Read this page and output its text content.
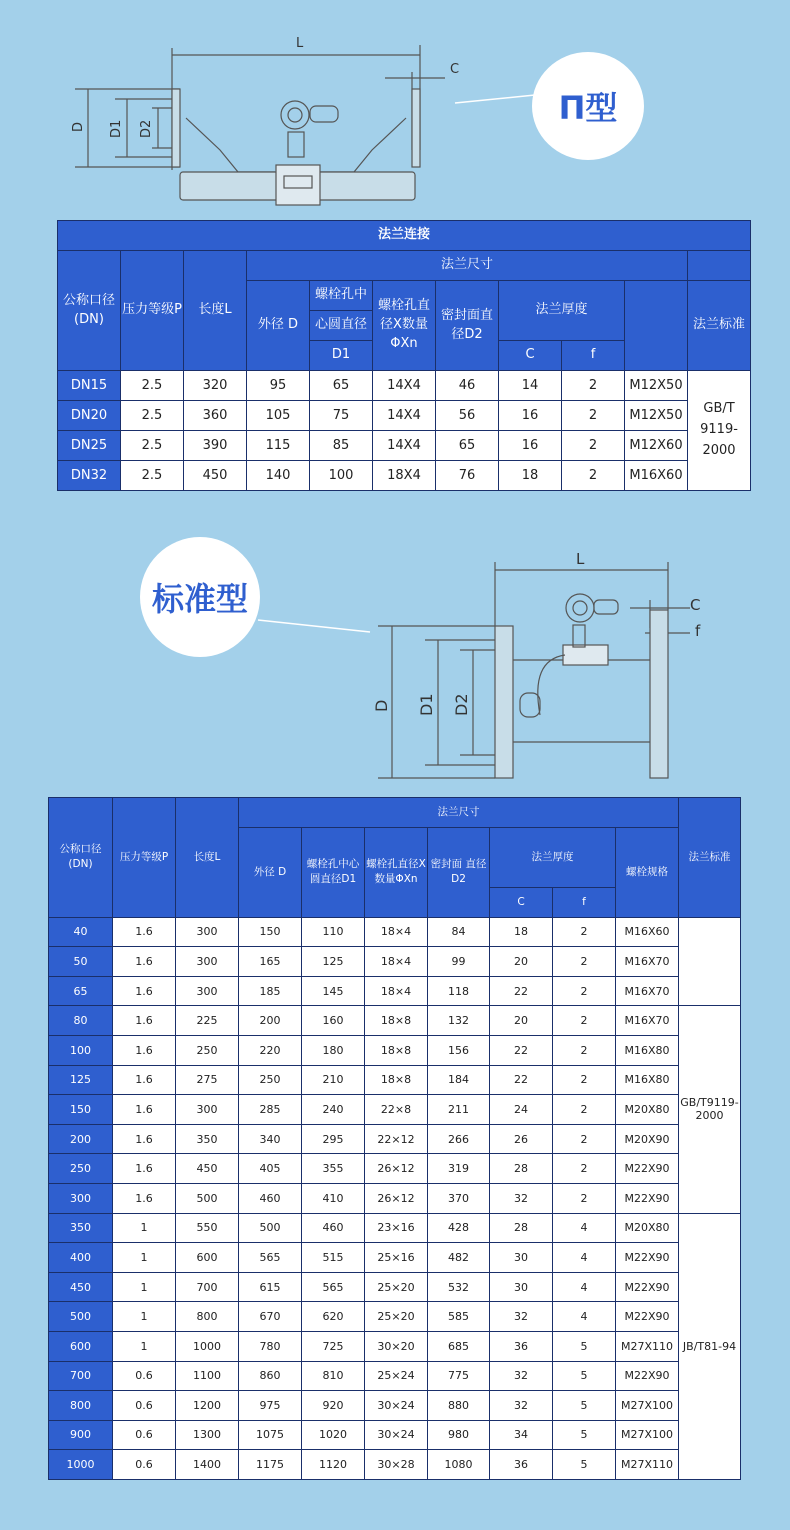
L
C
D D1 D2
Π型
法兰连接										
公称口径(DN)	压力等级P	长度L	法兰尺寸							
			外径 D	螺栓孔中	螺栓孔直径X数量ΦXn	密封面直径D2	法兰厚度			法兰标准
				心圆直径						
				D1			C	f		
DN15	2.5	320	95	65	14X4	46	14	2	M12X50	GB/T 9119-2000
DN20	2.5	360	105	75	14X4	56	16	2	M12X50	
DN25	2.5	390	115	85	14X4	65	16	2	M12X60	
DN32	2.5	450	140	100	18X4	76	18	2	M16X60	
L
C
f
D D1 D2
标准型
公称口径(DN)	压力等级P	长度L	法兰尺寸							法兰标准
			外径 D	螺栓孔中心圆直径D1	螺栓孔直径X数量ΦXn	密封面 直径D2	法兰厚度		螺栓规格	
							C	f		
40	1.6	300	150	110	18×4	84	18	2	M16X60	
50	1.6	300	165	125	18×4	99	20	2	M16X70	
65	1.6	300	185	145	18×4	118	22	2	M16X70	
80	1.6	225	200	160	18×8	132	20	2	M16X70	GB/T9119-2000
100	1.6	250	220	180	18×8	156	22	2	M16X80	
125	1.6	275	250	210	18×8	184	22	2	M16X80	
150	1.6	300	285	240	22×8	211	24	2	M20X80	
200	1.6	350	340	295	22×12	266	26	2	M20X90	
250	1.6	450	405	355	26×12	319	28	2	M22X90	
300	1.6	500	460	410	26×12	370	32	2	M22X90	
350	1	550	500	460	23×16	428	28	4	M20X80	JB/T81-94
400	1	600	565	515	25×16	482	30	4	M22X90	
450	1	700	615	565	25×20	532	30	4	M22X90	
500	1	800	670	620	25×20	585	32	4	M22X90	
600	1	1000	780	725	30×20	685	36	5	M27X110	
700	0.6	1100	860	810	25×24	775	32	5	M22X90	
800	0.6	1200	975	920	30×24	880	32	5	M27X100	
900	0.6	1300	1075	1020	30×24	980	34	5	M27X100	
1000	0.6	1400	1175	1120	30×28	1080	36	5	M27X110	
